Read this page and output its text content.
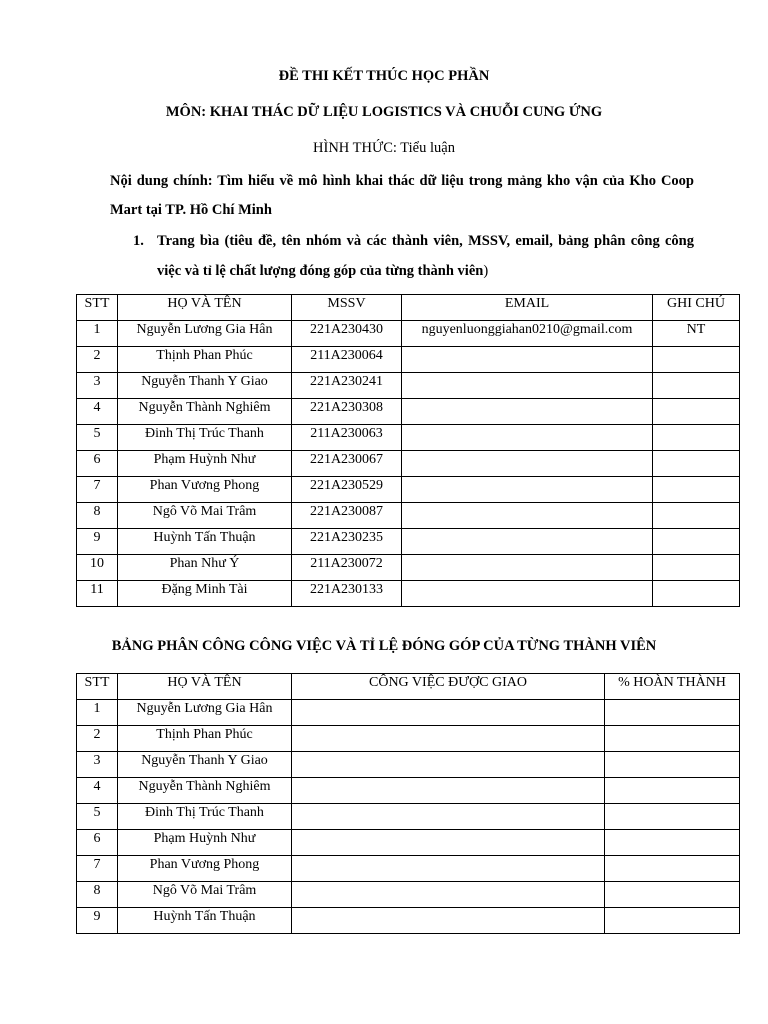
ĐỀ THI KẾT THÚC HỌC PHẦN
MÔN: KHAI THÁC DỮ LIỆU LOGISTICS VÀ CHUỖI CUNG ỨNG
HÌNH THỨC: Tiểu luận
Nội dung chính: Tìm hiểu về mô hình khai thác dữ liệu trong mảng kho vận của Kho Coop Mart tại TP. Hồ Chí Minh
1. Trang bìa (tiêu đề, tên nhóm và các thành viên, MSSV, email, bảng phân công công việc và tỉ lệ chất lượng đóng góp của từng thành viên)
STT	HỌ VÀ TÊN	MSSV	EMAIL	GHI CHÚ
1	Nguyễn Lương Gia Hân	221A230430	nguyenluonggiahan0210@gmail.com	NT
2	Thịnh Phan Phúc	211A230064		
3	Nguyễn Thanh Y Giao	221A230241		
4	Nguyễn Thành Nghiêm	221A230308		
5	Đinh Thị Trúc Thanh	211A230063		
6	Phạm Huỳnh Như	221A230067		
7	Phan Vương Phong	221A230529		
8	Ngô Võ Mai Trâm	221A230087		
9	Huỳnh Tấn Thuận	221A230235		
10	Phan Như Ý	211A230072		
11	Đặng Minh Tài	221A230133		
BẢNG PHÂN CÔNG CÔNG VIỆC VÀ TỈ LỆ ĐÓNG GÓP CỦA TỪNG THÀNH VIÊN
STT	HỌ VÀ TÊN	CÔNG VIỆC ĐƯỢC GIAO	% HOÀN THÀNH
1	Nguyễn Lương Gia Hân		
2	Thịnh Phan Phúc		
3	Nguyễn Thanh Y Giao		
4	Nguyễn Thành Nghiêm		
5	Đinh Thị Trúc Thanh		
6	Phạm Huỳnh Như		
7	Phan Vương Phong		
8	Ngô Võ Mai Trâm		
9	Huỳnh Tấn Thuận		
